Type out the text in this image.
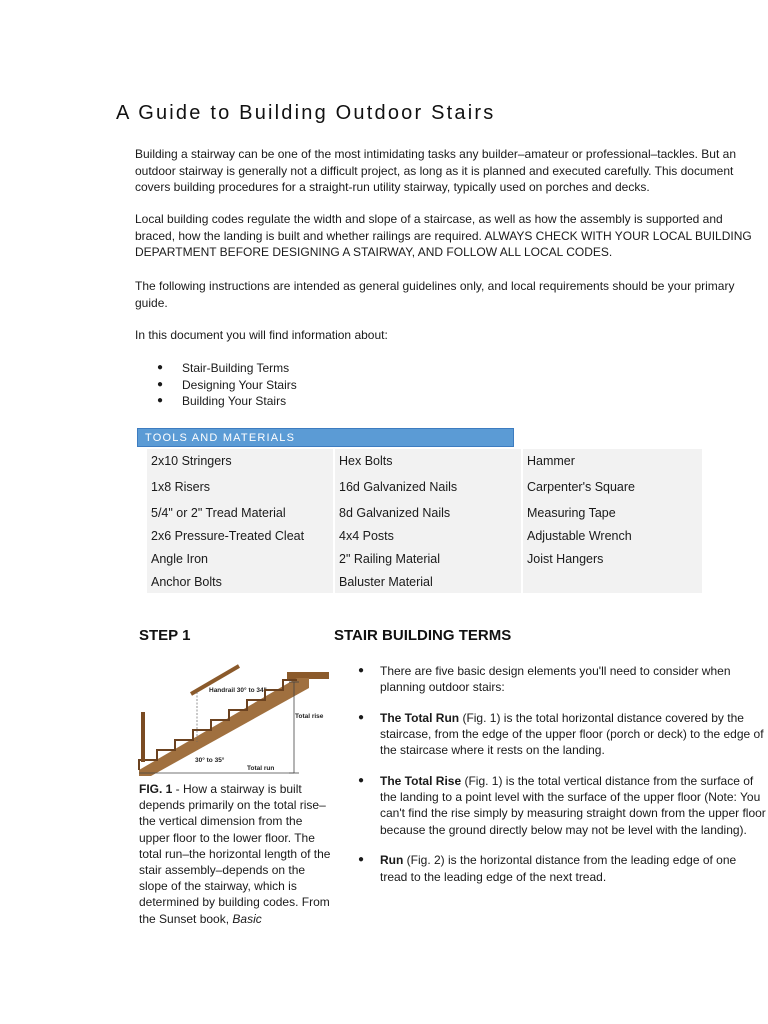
A Guide to Building Outdoor Stairs

Building a stairway can be one of the most intimidating tasks any builder–amateur or professional–tackles. But an outdoor stairway is generally not a difficult project, as long as it is planned and executed carefully. This document covers building procedures for a straight-run utility stairway, typically used on porches and decks.

Local building codes regulate the width and slope of a staircase, as well as how the assembly is supported and braced, how the landing is built and whether railings are required. ALWAYS CHECK WITH YOUR LOCAL BUILDING DEPARTMENT BEFORE DESIGNING A STAIRWAY, AND FOLLOW ALL LOCAL CODES.

The following instructions are intended as general guidelines only, and local requirements should be your primary guide.

In this document you will find information about:

● Stair-Building Terms
● Designing Your Stairs
● Building Your Stairs
TOOLS AND MATERIALS
2x10 Stringers	Hex Bolts	Hammer
1x8 Risers	16d Galvanized Nails	Carpenter's Square
5/4" or 2" Tread Material	8d Galvanized Nails	Measuring Tape
2x6 Pressure-Treated Cleat	4x4 Posts	Adjustable Wrench
Angle Iron	2" Railing Material	Joist Hangers
Anchor Bolts	Baluster Material	
STEP 1	STAIR BUILDING TERMS
Handrail 30° to 34"
Total rise
30° to 35°
Total run

FIG. 1 - How a stairway is built depends primarily on the total rise–the vertical dimension from the upper floor to the lower floor. The total run–the horizontal length of the stair assembly–depends on the slope of the stairway, which is determined by building codes. From the Sunset book, Basic

● There are five basic design elements you'll need to consider when planning outdoor stairs:
● The Total Run (Fig. 1) is the total horizontal distance covered by the staircase, from the edge of the upper floor (porch or deck) to the edge of the staircase where it rests on the landing.
● The Total Rise (Fig. 1) is the total vertical distance from the surface of the landing to a point level with the surface of the upper floor (Note: You can't find the rise simply by measuring straight down from the upper floor because the ground directly below may not be level with the landing).
● Run (Fig. 2) is the horizontal distance from the leading edge of one tread to the leading edge of the next tread.
